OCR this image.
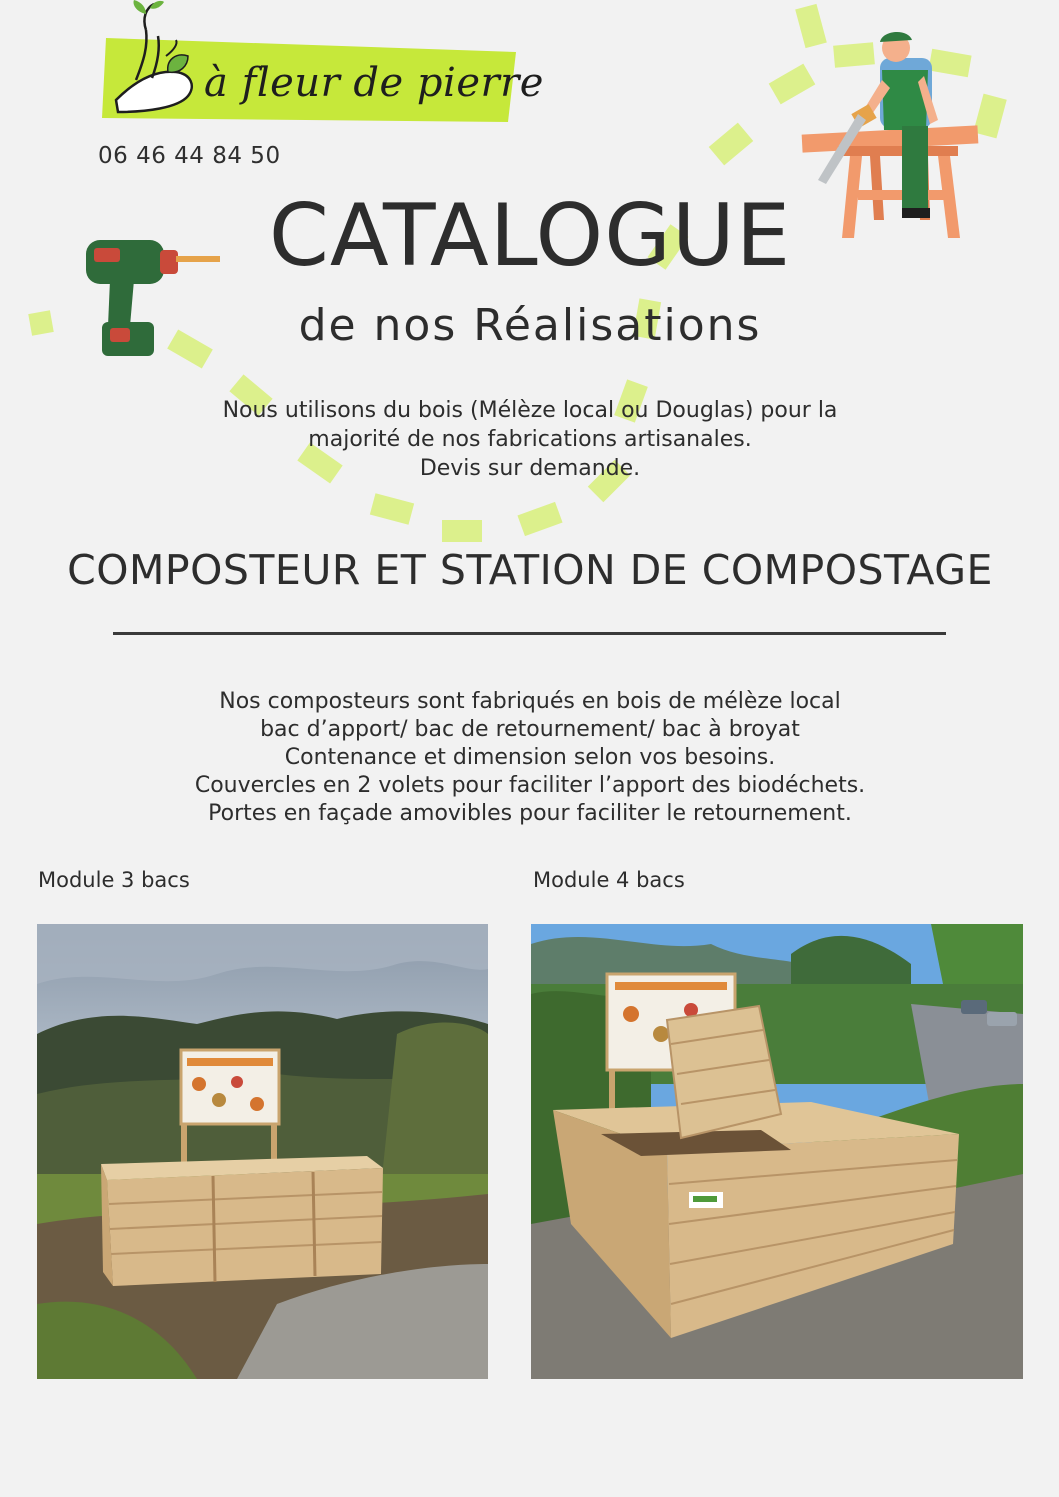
à fleur de pierre
06 46 44 84 50
CATALOGUE
de nos Réalisations
Nous utilisons du bois (Mélèze local ou Douglas) pour la
majorité de nos fabrications artisanales.
Devis sur demande.
COMPOSTEUR ET STATION DE COMPOSTAGE
Nos composteurs sont fabriqués en bois de mélèze local
bac d’apport/ bac de retournement/ bac à broyat
Contenance et dimension selon vos besoins.
Couvercles en 2 volets pour faciliter l’apport des biodéchets.
Portes en façade amovibles pour faciliter le retournement.
Module 3 bacs	Module 4 bacs
